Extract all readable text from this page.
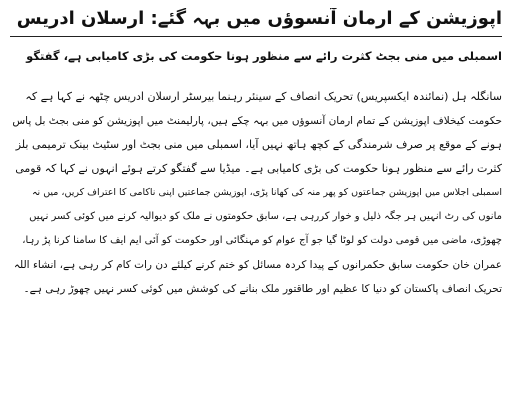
اپوزیشن کے ارمان آنسوؤں میں بہہ گئے: ارسلان ادریس
اسمبلی میں منی بجٹ کثرت رائے سے منظور ہونا حکومت کی بڑی کامیابی ہے، گفتگو
سانگلہ ہل (نمائندہ ایکسپریس) تحریک انصاف کے سینئر رہنما بیرسٹر ارسلان ادریس چٹھہ نے کہا ہے کہ
حکومت کیخلاف اپوزیشن کے تمام ارمان آنسوؤں میں بہہ چکے ہیں، پارلیمنٹ میں اپوزیشن کو منی بجٹ بل پاس
ہونے کے موقع پر صرف شرمندگی کے کچھ ہاتھ نہیں آیا، اسمبلی میں منی بجٹ اور سٹیٹ بینک ترمیمی بلز
کثرت رائے سے منظور ہونا حکومت کی بڑی کامیابی ہے۔ میڈیا سے گفتگو کرتے ہوئے انہوں نے کہا کہ قومی
اسمبلی اجلاس میں اپوزیشن جماعتوں کو پھر منہ کی کھانا پڑی، اپوزیشن جماعتیں اپنی ناکامی کا اعتراف کریں، میں نہ
مانوں کی رٹ انہیں ہر جگہ ذلیل و خوار کررہی ہے، سابق حکومتوں نے ملک کو دیوالیہ کرنے میں کوئی کسر نہیں
چھوڑی، ماضی میں قومی دولت کو لوٹا گیا جو آج عوام کو مہنگائی اور حکومت کو آئی ایم ایف کا سامنا کرنا پڑ رہا،
عمران خان حکومت سابق حکمرانوں کے پیدا کردہ مسائل کو ختم کرنے کیلئے دن رات کام کر رہی ہے، انشاء اللہ
تحریک انصاف پاکستان کو دنیا کا عظیم اور طاقتور ملک بنانے کی کوشش میں کوئی کسر نہیں چھوڑ رہی ہے۔
